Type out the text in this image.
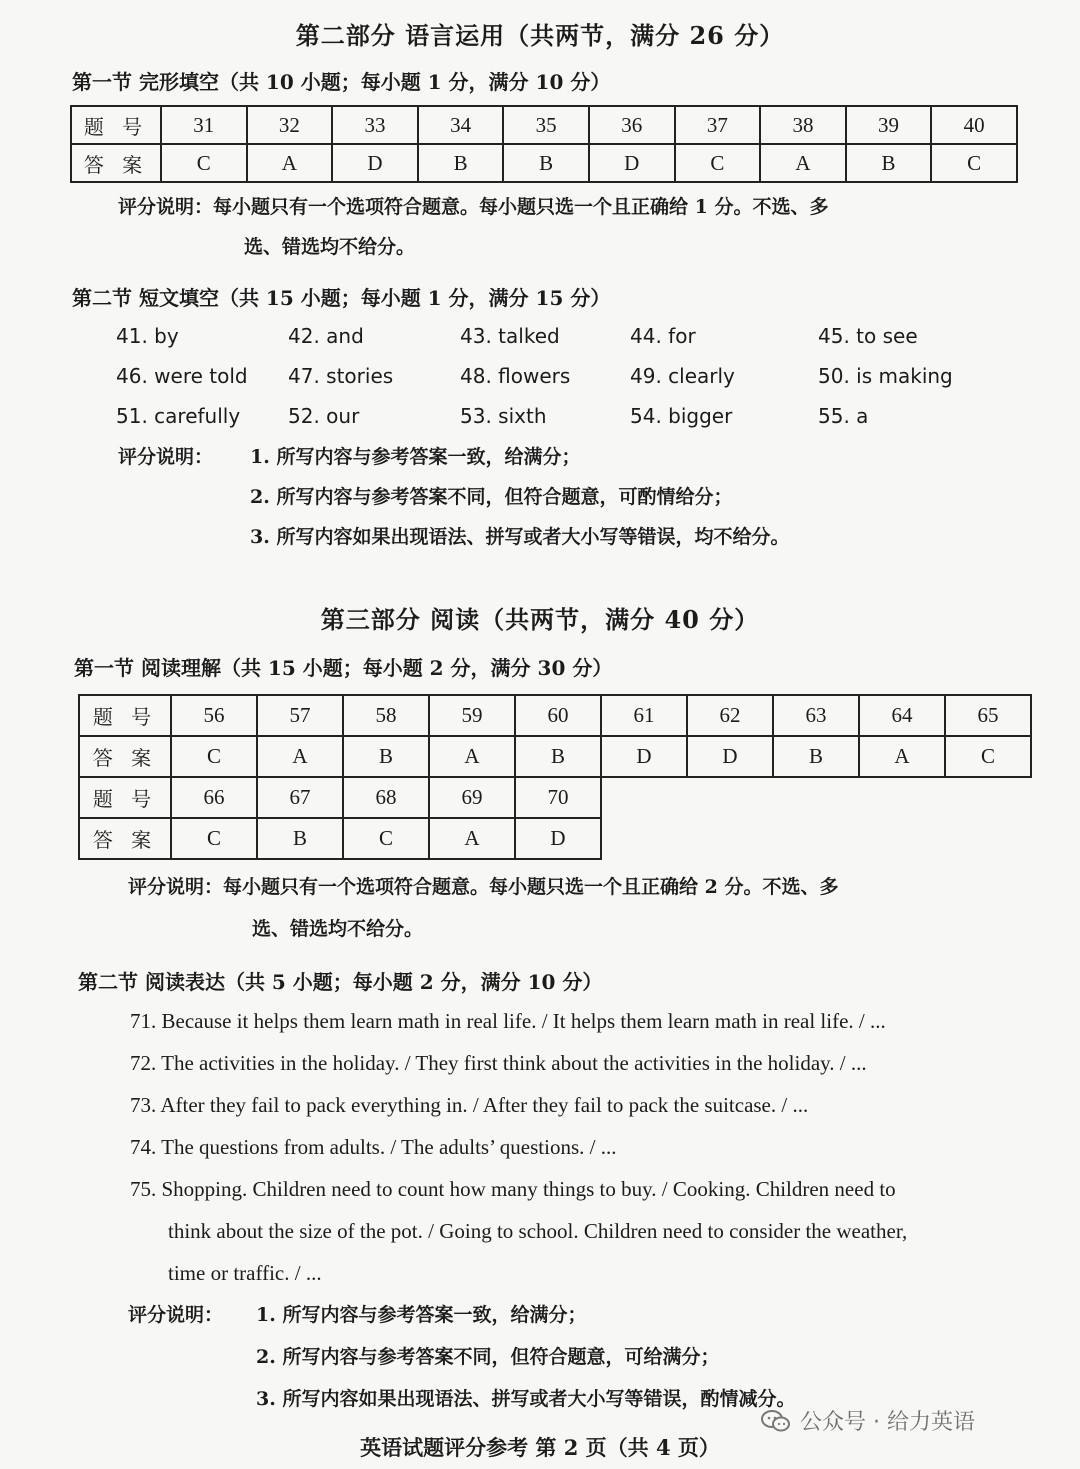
第二部分 语言运用（共两节，满分 26 分）
第一节 完形填空（共 10 小题；每小题 1 分，满分 10 分）
题 号	31	32	33	34	35	36	37	38	39	40
答 案	C	A	D	B	B	D	C	A	B	C
评分说明：每小题只有一个选项符合题意。每小题只选一个且正确给 1 分。不选、多
选、错选均不给分。
第二节 短文填空（共 15 小题；每小题 1 分，满分 15 分）
41. by	42. and	43. talked	44. for	45. to see
46. were told	47. stories	48. flowers	49. clearly	50. is making
51. carefully	52. our	53. sixth	54. bigger	55. a
评分说明： 1. 所写内容与参考答案一致，给满分；
2. 所写内容与参考答案不同，但符合题意，可酌情给分；
3. 所写内容如果出现语法、拼写或者大小写等错误，均不给分。
第三部分 阅读（共两节，满分 40 分）
第一节 阅读理解（共 15 小题；每小题 2 分，满分 30 分）
题 号	56	57	58	59	60	61	62	63	64	65
答 案	C	A	B	A	B	D	D	B	A	C
题 号	66	67	68	69	70					
答 案	C	B	C	A	D					
评分说明：每小题只有一个选项符合题意。每小题只选一个且正确给 2 分。不选、多
选、错选均不给分。
第二节 阅读表达（共 5 小题；每小题 2 分，满分 10 分）
71. Because it helps them learn math in real life. / It helps them learn math in real life. / ...
72. The activities in the holiday. / They first think about the activities in the holiday. / ...
73. After they fail to pack everything in. / After they fail to pack the suitcase. / ...
74. The questions from adults. / The adults’ questions. / ...
75. Shopping. Children need to count how many things to buy. / Cooking. Children need to
think about the size of the pot. / Going to school. Children need to consider the weather,
time or traffic. / ...
评分说明： 1. 所写内容与参考答案一致，给满分；
2. 所写内容与参考答案不同，但符合题意，可给满分；
3. 所写内容如果出现语法、拼写或者大小写等错误，酌情减分。
公众号 · 给力英语
英语试题评分参考 第 2 页（共 4 页）
